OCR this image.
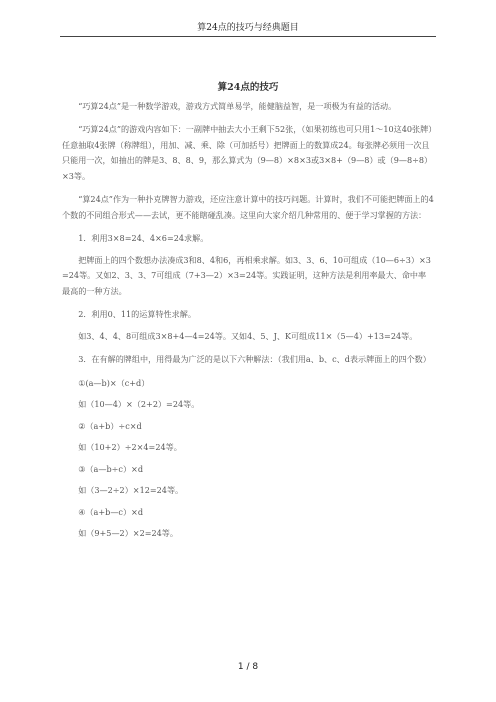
算24点的技巧与经典题目
算24点的技巧

“巧算24点”是一种数学游戏，游戏方式简单易学，能健脑益智，是一项极为有益的活动。

“巧算24点”的游戏内容如下：一副牌中抽去大小王剩下52张，（如果初练也可只用1～10这40张牌）任意抽取4张牌（称牌组），用加、减、乘、除（可加括号）把牌面上的数算成24。每张牌必须用一次且只能用一次，如抽出的牌是3、8、8、9，那么算式为（9—8）×8×3或3×8+（9—8）或（9—8÷8）×3等。

“算24点”作为一种扑克牌智力游戏，还应注意计算中的技巧问题。计算时，我们不可能把牌面上的4个数的不同组合形式——去试，更不能瞎碰乱凑。这里向大家介绍几种常用的、便于学习掌握的方法：

1．利用3×8=24、4×6=24求解。

把牌面上的四个数想办法凑成3和8、4和6，再相乘求解。如3、3、6、10可组成（10—6÷3）×3=24等。又如2、3、3、7可组成（7+3—2）×3=24等。实践证明，这种方法是利用率最大、命中率最高的一种方法。

2．利用0、11的运算特性求解。

如3、4、4、8可组成3×8+4—4=24等。又如4、5、J、K可组成11×（5—4）+13=24等。

3．在有解的牌组中，用得最为广泛的是以下六种解法：（我们用a、b、c、d表示牌面上的四个数）

①(a—b)×（c+d）

如（10—4）×（2+2）=24等。

②（a+b）÷c×d

如（10+2）÷2×4=24等。

③（a—b÷c）×d

如（3—2÷2）×12=24等。

④（a+b—c）×d

如（9+5—2）×2=24等。

1 / 8
